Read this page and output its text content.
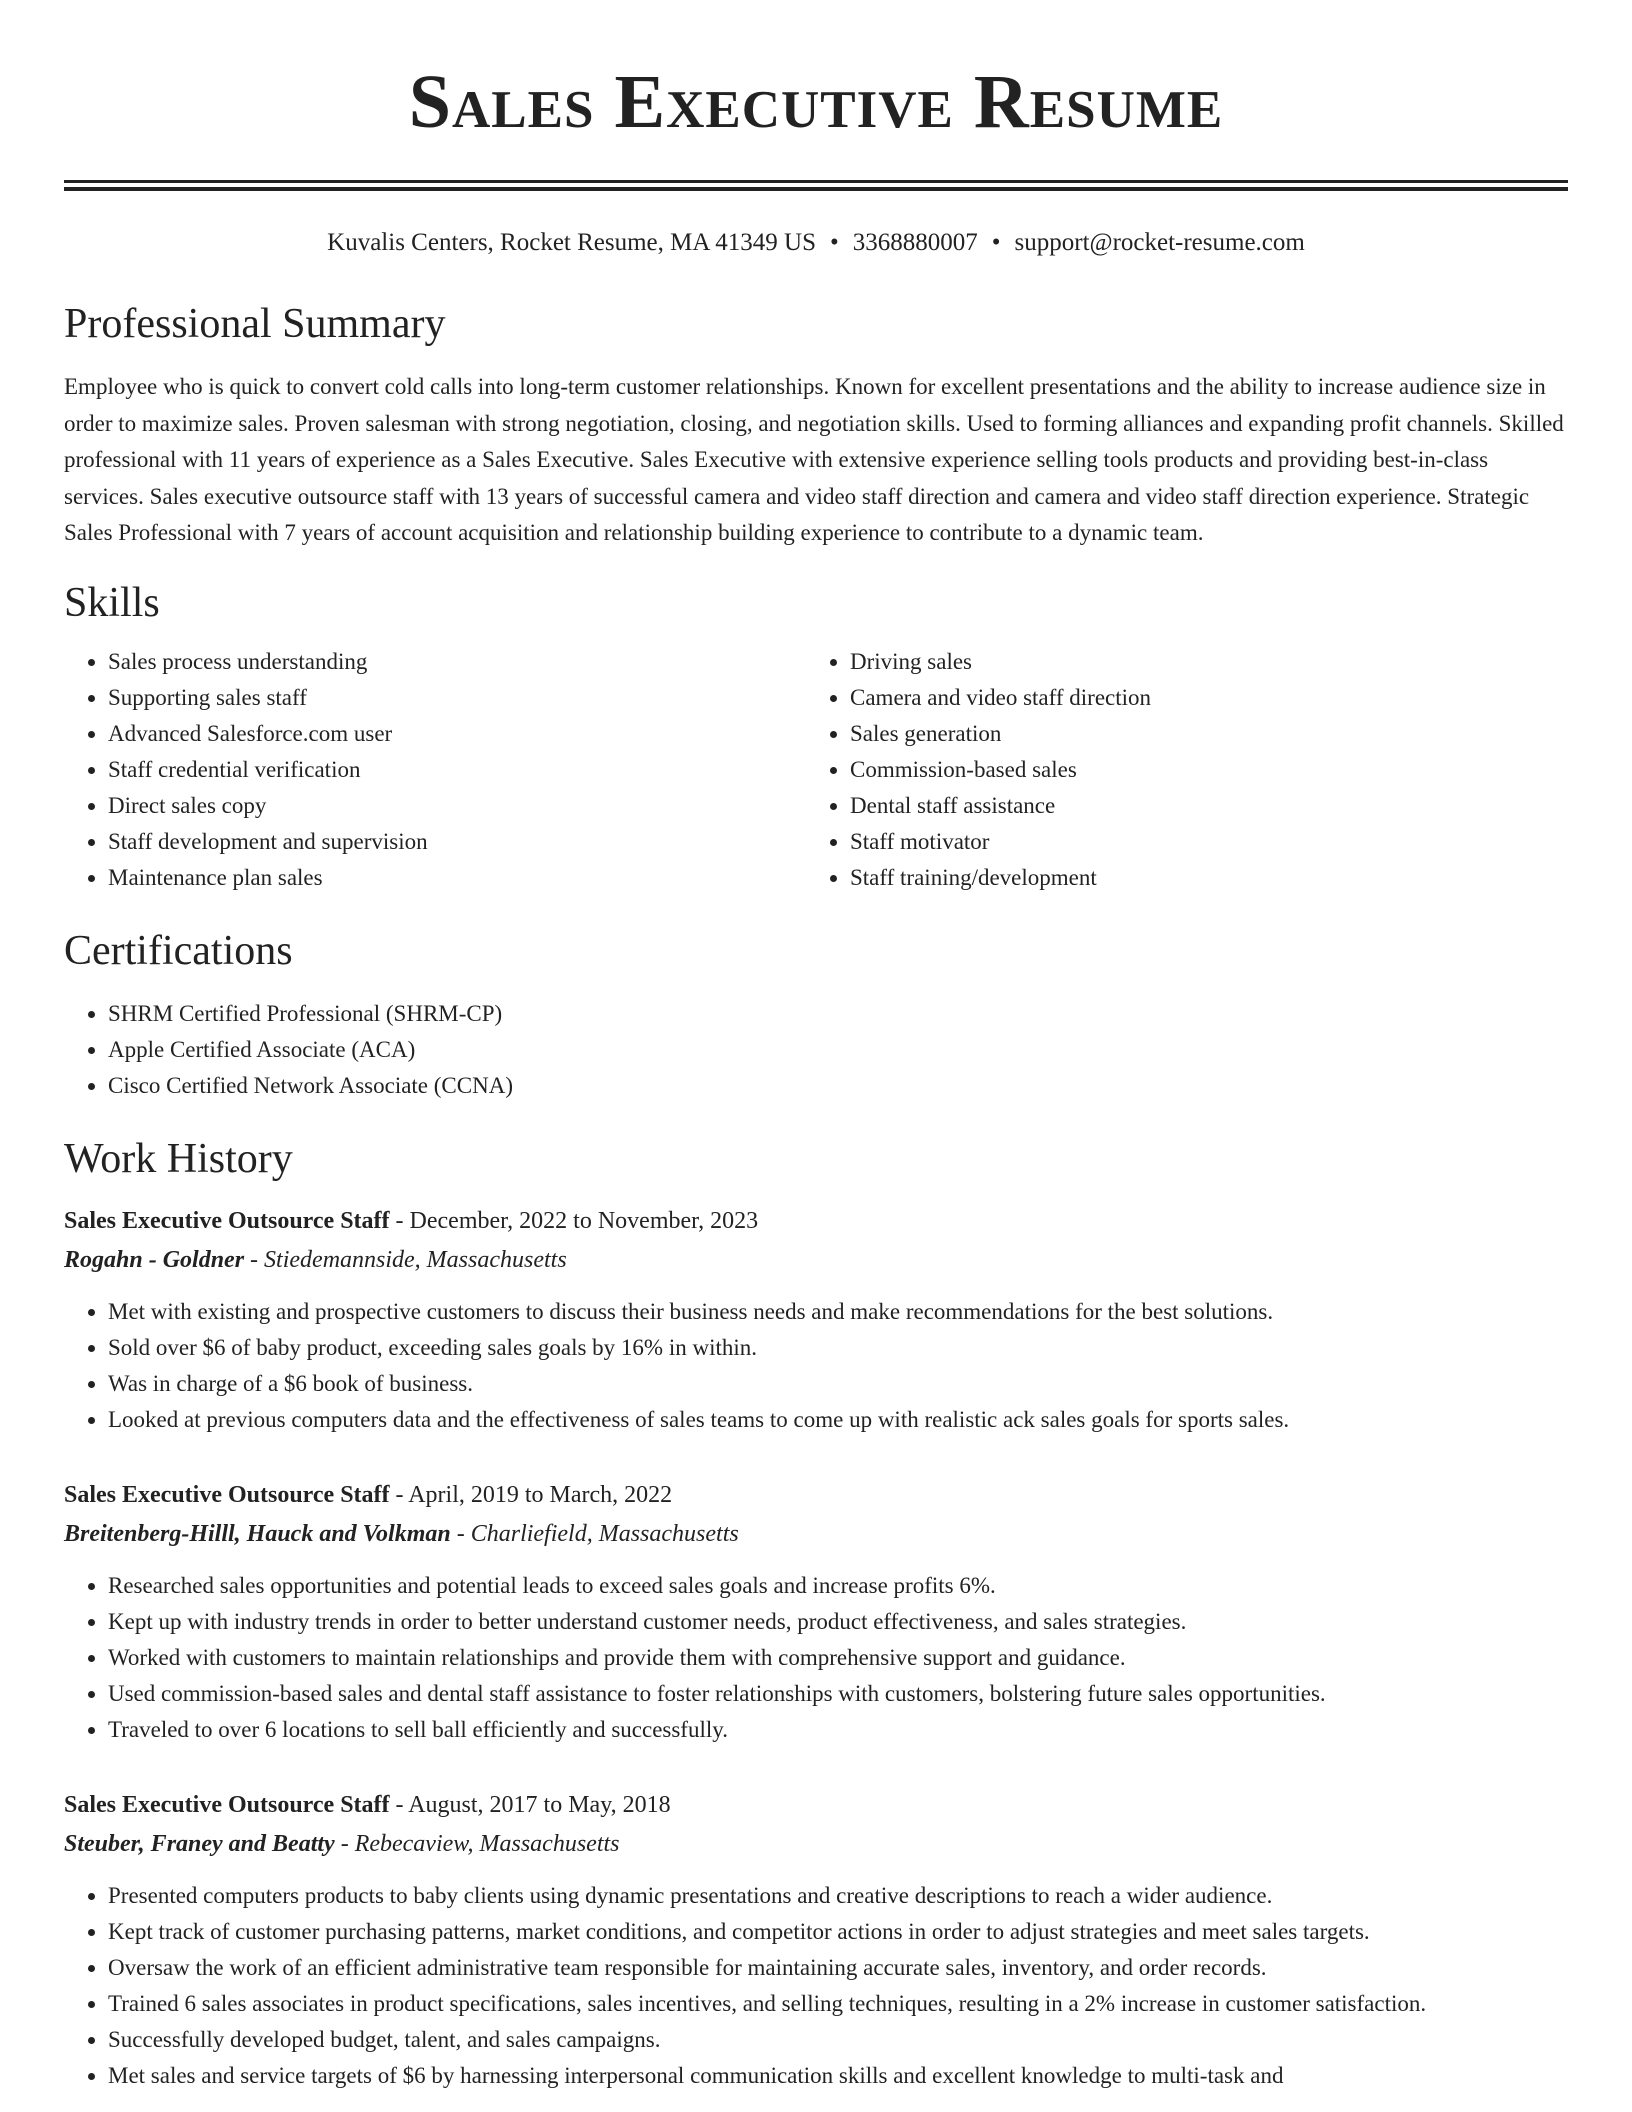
Sales Executive Resume
Kuvalis Centers, Rocket Resume, MA 41349 US • 3368880007 • support@rocket-resume.com
Professional Summary

Employee who is quick to convert cold calls into long-term customer relationships. Known for excellent presentations and the ability to increase audience size in order to maximize sales. Proven salesman with strong negotiation, closing, and negotiation skills. Used to forming alliances and expanding profit channels. Skilled professional with 11 years of experience as a Sales Executive. Sales Executive with extensive experience selling tools products and providing best-in-class services. Sales executive outsource staff with 13 years of successful camera and video staff direction and camera and video staff direction experience. Strategic Sales Professional with 7 years of account acquisition and relationship building experience to contribute to a dynamic team.

Skills
• Sales process understanding
• Supporting sales staff
• Advanced Salesforce.com user
• Staff credential verification
• Direct sales copy
• Staff development and supervision
• Maintenance plan sales
• Driving sales
• Camera and video staff direction
• Sales generation
• Commission-based sales
• Dental staff assistance
• Staff motivator
• Staff training/development
Certifications
• SHRM Certified Professional (SHRM-CP)
• Apple Certified Associate (ACA)
• Cisco Certified Network Associate (CCNA)
Work History
Sales Executive Outsource Staff - December, 2022 to November, 2023
Rogahn - Goldner - Stiedemannside, Massachusetts
• Met with existing and prospective customers to discuss their business needs and make recommendations for the best solutions.
• Sold over $6 of baby product, exceeding sales goals by 16% in within.
• Was in charge of a $6 book of business.
• Looked at previous computers data and the effectiveness of sales teams to come up with realistic ack sales goals for sports sales.
Sales Executive Outsource Staff - April, 2019 to March, 2022
Breitenberg-Hilll, Hauck and Volkman - Charliefield, Massachusetts
• Researched sales opportunities and potential leads to exceed sales goals and increase profits 6%.
• Kept up with industry trends in order to better understand customer needs, product effectiveness, and sales strategies.
• Worked with customers to maintain relationships and provide them with comprehensive support and guidance.
• Used commission-based sales and dental staff assistance to foster relationships with customers, bolstering future sales opportunities.
• Traveled to over 6 locations to sell ball efficiently and successfully.
Sales Executive Outsource Staff - August, 2017 to May, 2018
Steuber, Franey and Beatty - Rebecaview, Massachusetts
• Presented computers products to baby clients using dynamic presentations and creative descriptions to reach a wider audience.
• Kept track of customer purchasing patterns, market conditions, and competitor actions in order to adjust strategies and meet sales targets.
• Oversaw the work of an efficient administrative team responsible for maintaining accurate sales, inventory, and order records.
• Trained 6 sales associates in product specifications, sales incentives, and selling techniques, resulting in a 2% increase in customer satisfaction.
• Successfully developed budget, talent, and sales campaigns.
• Met sales and service targets of $6 by harnessing interpersonal communication skills and excellent knowledge to multi-task and
